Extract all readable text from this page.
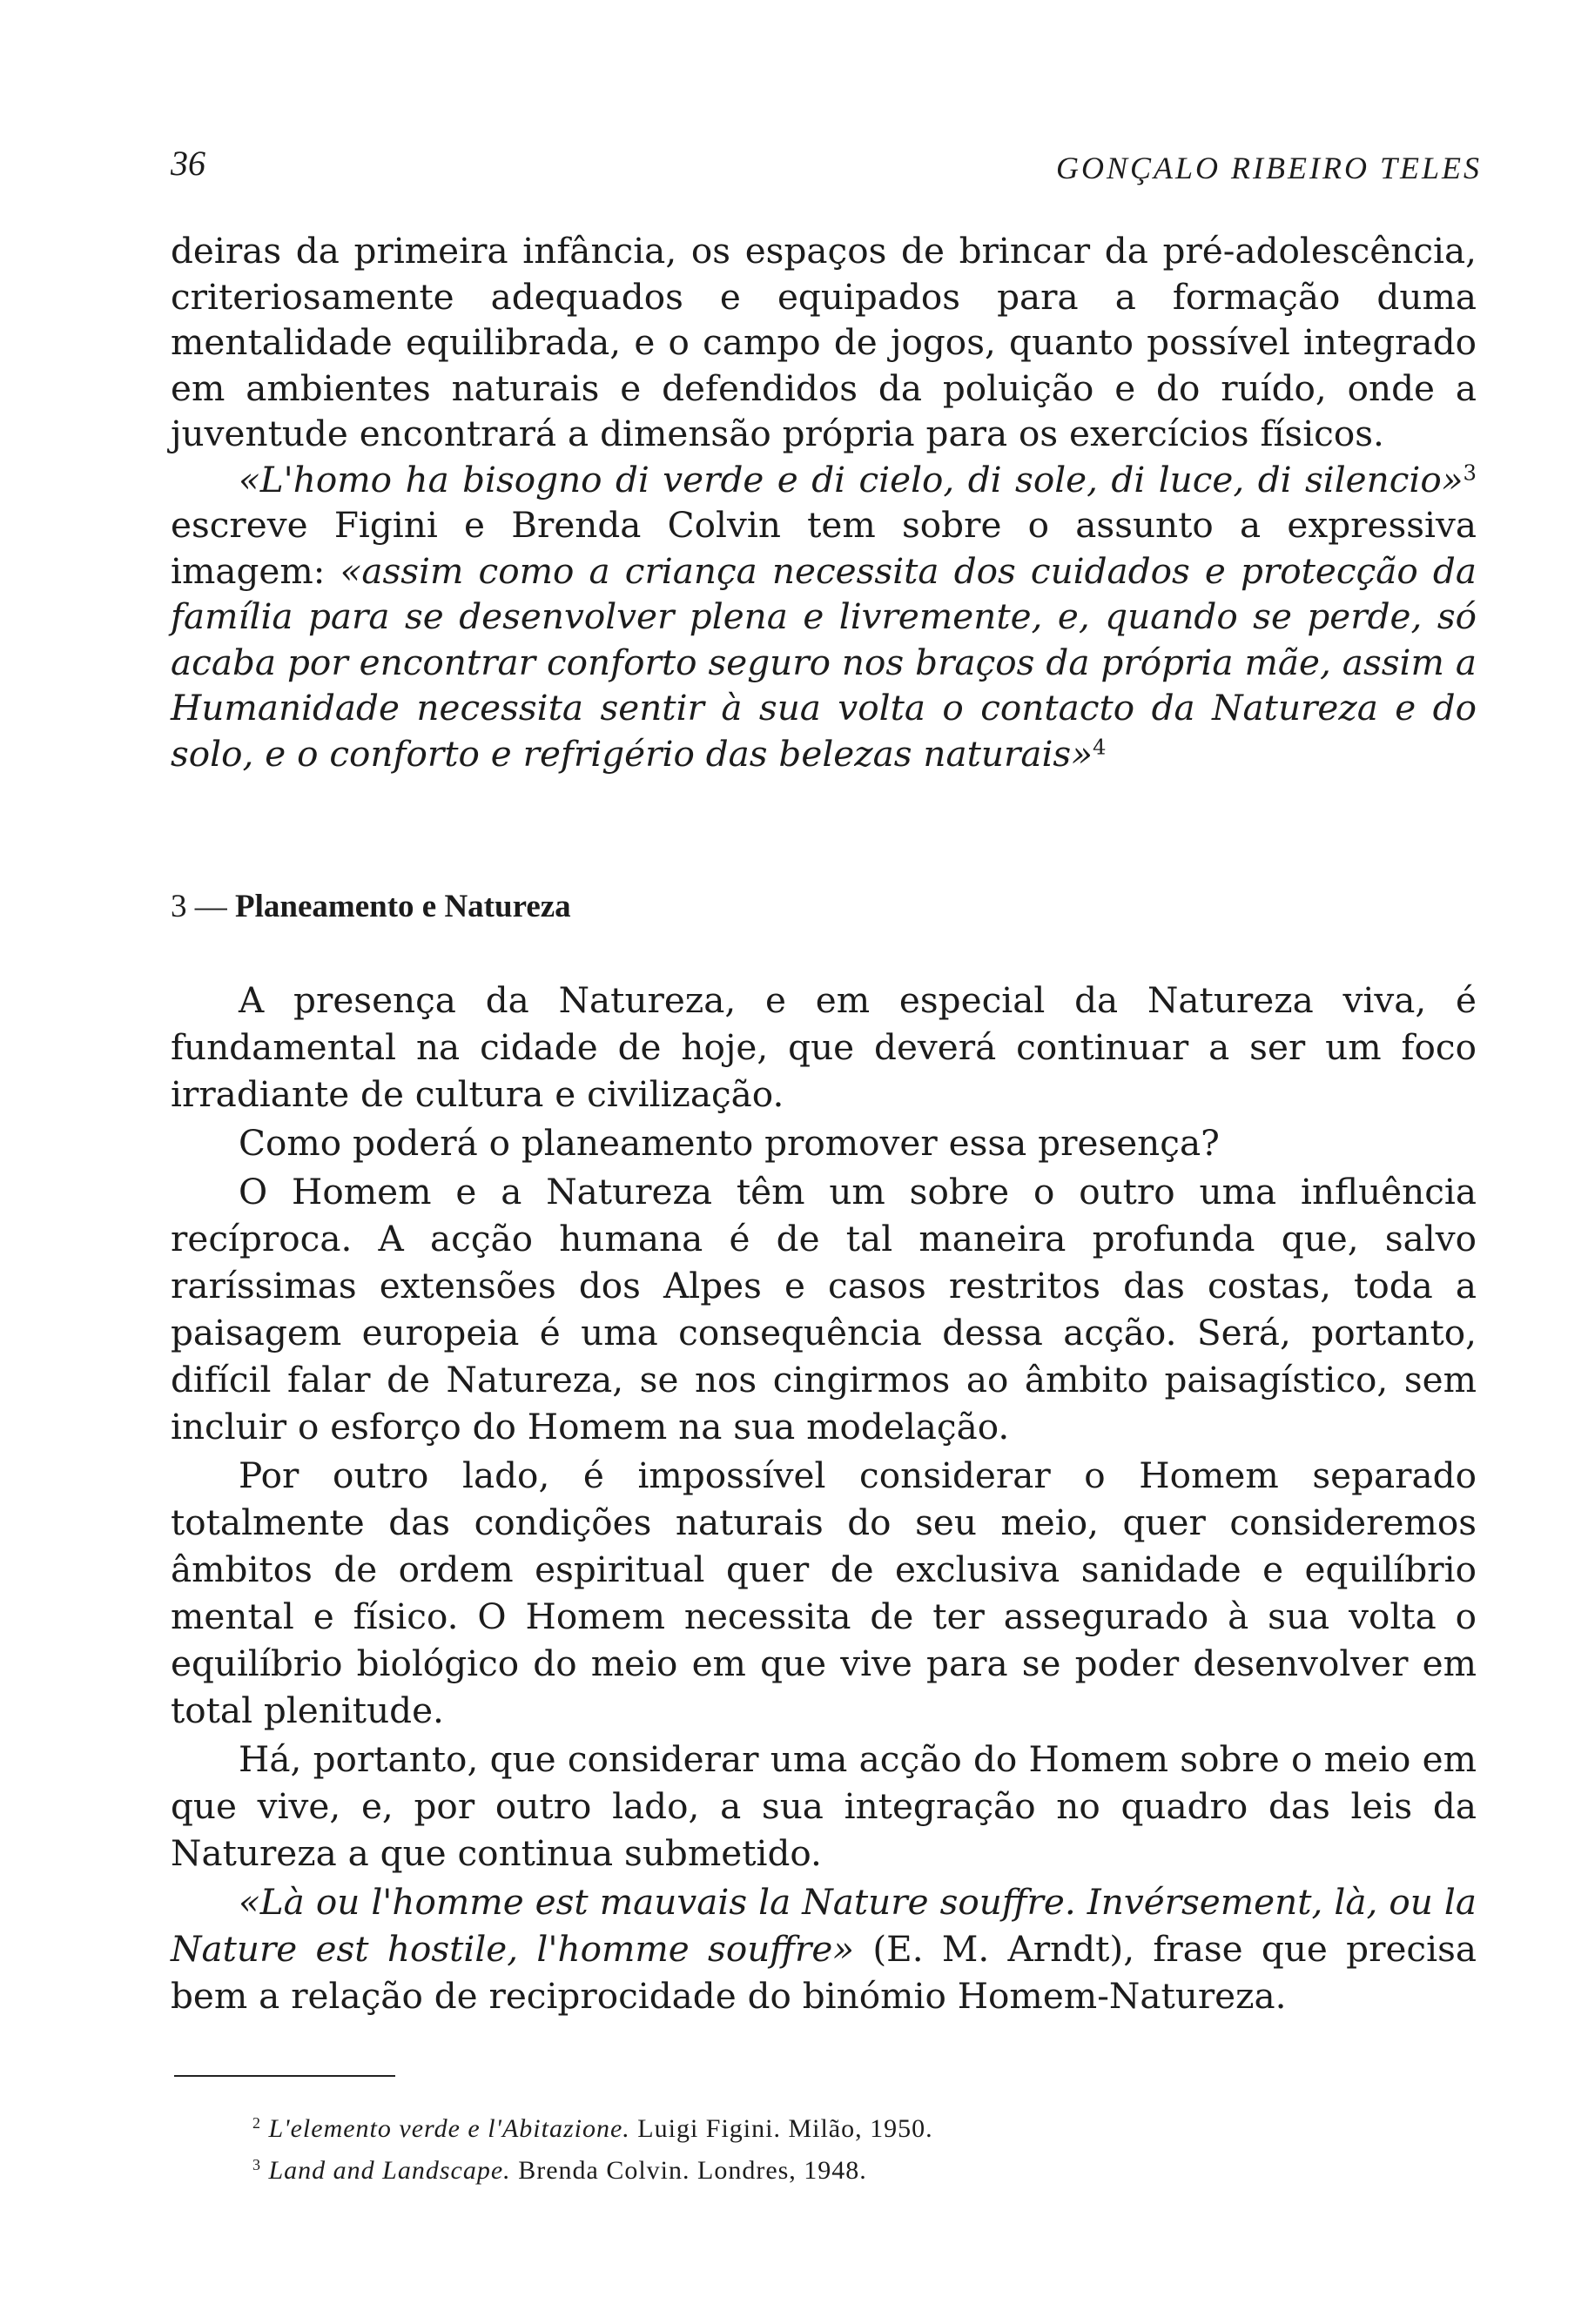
36	GONÇALO RIBEIRO TELES

deiras da primeira infância, os espaços de brincar da pré-adolescência, criteriosamente adequados e equipados para a formação duma mentalidade equilibrada, e o campo de jogos, quanto possível integrado em ambientes naturais e defendidos da poluição e do ruído, onde a juventude encontrará a dimensão própria para os exercícios físicos.

«L'homo ha bisogno di verde e di cielo, di sole, di luce, di silencio»$^3$ escreve Figini e Brenda Colvin tem sobre o assunto a expressiva imagem: «assim como a criança necessita dos cuidados e protecção da família para se desenvolver plena e livremente, e, quando se perde, só acaba por encontrar conforto seguro nos braços da própria mãe, assim a Humanidade necessita sentir à sua volta o contacto da Natureza e do solo, e o conforto e refrigério das belezas naturais»$^4$

3 — Planeamento e Natureza

A presença da Natureza, e em especial da Natureza viva, é fundamental na cidade de hoje, que deverá continuar a ser um foco irradiante de cultura e civilização.

Como poderá o planeamento promover essa presença?

O Homem e a Natureza têm um sobre o outro uma influência recíproca. A acção humana é de tal maneira profunda que, salvo raríssimas extensões dos Alpes e casos restritos das costas, toda a paisagem europeia é uma consequência dessa acção. Será, portanto, difícil falar de Natureza, se nos cingirmos ao âmbito paisagístico, sem incluir o esforço do Homem na sua modelação.

Por outro lado, é impossível considerar o Homem separado totalmente das condições naturais do seu meio, quer consideremos âmbitos de ordem espiritual quer de exclusiva sanidade e equilíbrio mental e físico. O Homem necessita de ter assegurado à sua volta o equilíbrio biológico do meio em que vive para se poder desenvolver em total plenitude.

Há, portanto, que considerar uma acção do Homem sobre o meio em que vive, e, por outro lado, a sua integração no quadro das leis da Natureza a que continua submetido.

«Là ou l'homme est mauvais la Nature souffre. Invérsement, là, ou la Nature est hostile, l'homme souffre» (E. M. Arndt), frase que precisa bem a relação de reciprocidade do binómio Homem-Natureza.

$^2$ L'elemento verde e l'Abitazione. Luigi Figini. Milão, 1950.

$^3$ Land and Landscape. Brenda Colvin. Londres, 1948.
